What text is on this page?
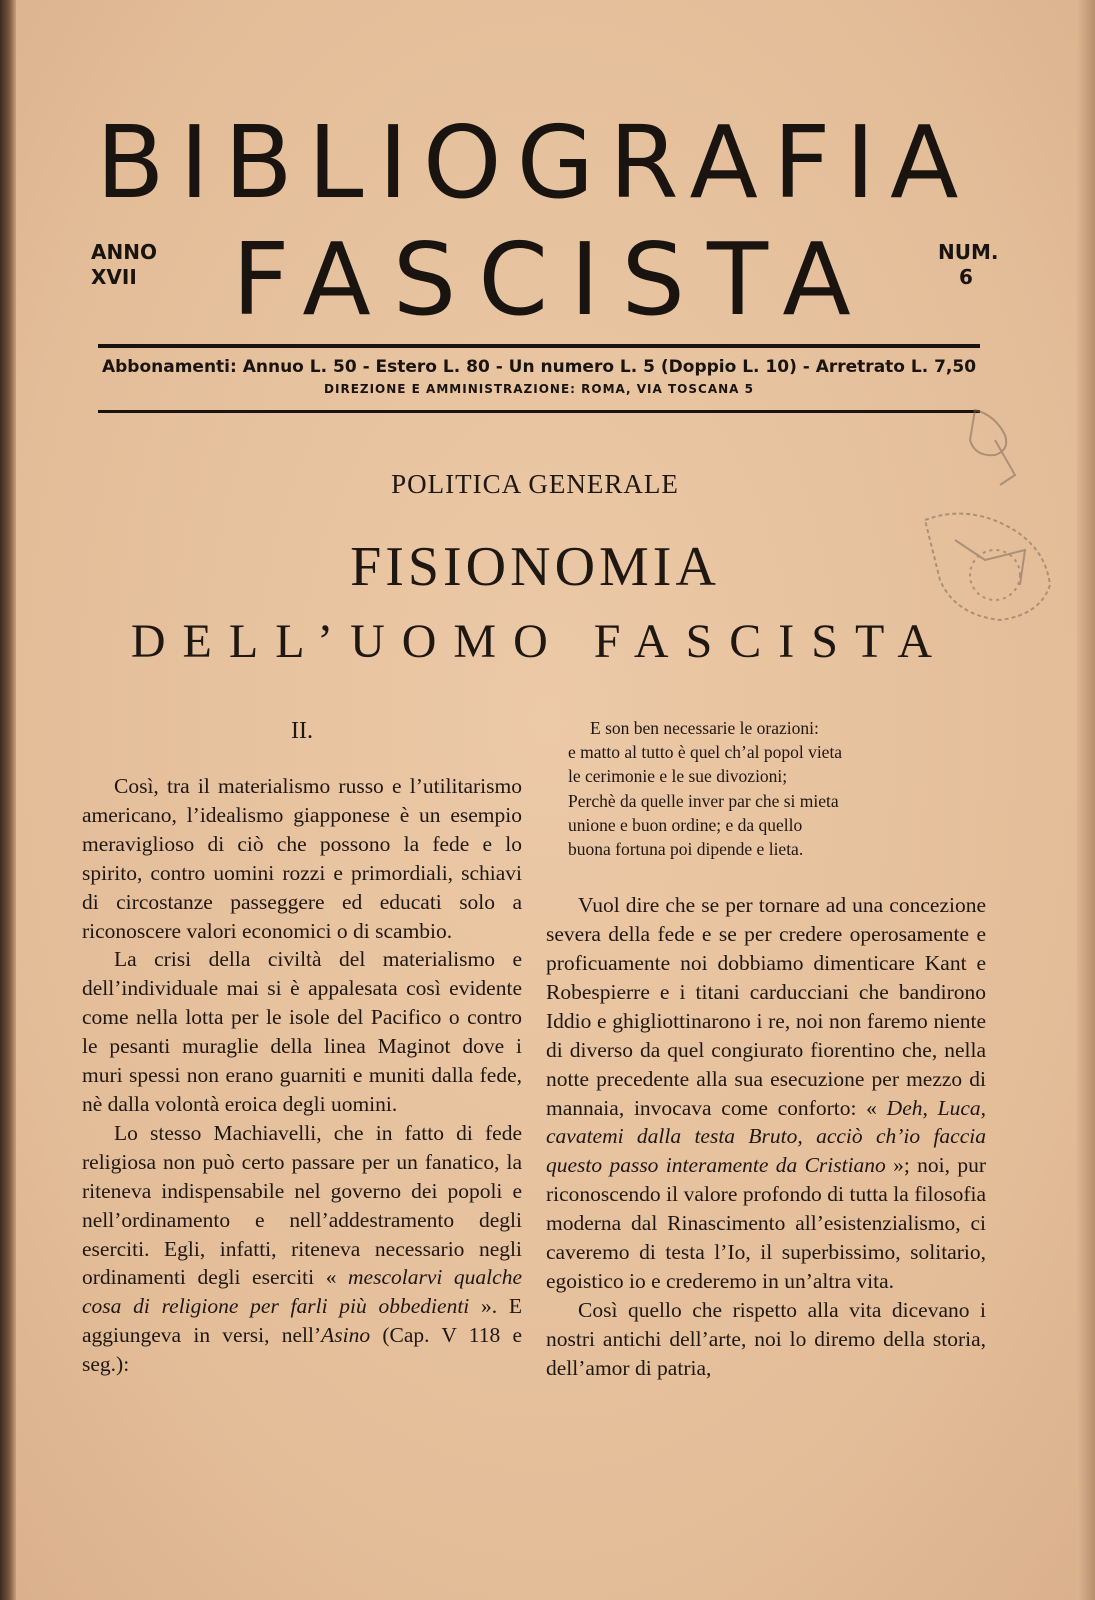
BIBLIOGRAFIA
FASCISTA
ANNO
XVII
NUM.
6
Abbonamenti: Annuo L. 50 - Estero L. 80 - Un numero L. 5 (Doppio L. 10) - Arretrato L. 7,50
DIREZIONE E AMMINISTRAZIONE: ROMA, VIA TOSCANA 5
POLITICA GENERALE
FISIONOMIA
DELL’UOMO FASCISTA
II.

Così, tra il materialismo russo e l’utilitarismo americano, l’idealismo giapponese è un esempio meraviglioso di ciò che possono la fede e lo spirito, contro uomini rozzi e primordiali, schiavi di circostanze passeggere ed educati solo a riconoscere valori economici o di scambio.

La crisi della civiltà del materialismo e dell’individuale mai si è appalesata così evidente come nella lotta per le isole del Pacifico o contro le pesanti muraglie della linea Maginot dove i muri spessi non erano guarniti e muniti dalla fede, nè dalla volontà eroica degli uomini.

Lo stesso Machiavelli, che in fatto di fede religiosa non può certo passare per un fanatico, la riteneva indispensabile nel governo dei popoli e nell’ordinamento e nell’addestramento degli eserciti. Egli, infatti, riteneva necessario negli ordinamenti degli eserciti « mescolarvi qualche cosa di religione per farli più obbedienti ». E aggiungeva in versi, nell’Asino (Cap. V 118 e seg.):

E son ben necessarie le orazioni:
e matto al tutto è quel ch’al popol vieta
le cerimonie e le sue divozioni;
Perchè da quelle inver par che si mieta
unione e buon ordine; e da quello
buona fortuna poi dipende e lieta.

Vuol dire che se per tornare ad una concezione severa della fede e se per credere operosamente e proficuamente noi dobbiamo dimenticare Kant e Robespierre e i titani carducciani che bandirono Iddio e ghigliottinarono i re, noi non faremo niente di diverso da quel congiurato fiorentino che, nella notte precedente alla sua esecuzione per mezzo di mannaia, invocava come conforto: « Deh, Luca, cavatemi dalla testa Bruto, acciò ch’io faccia questo passo interamente da Cristiano »; noi, pur riconoscendo il valore profondo di tutta la filosofia moderna dal Rinascimento all’esistenzialismo, ci caveremo di testa l’Io, il superbissimo, solitario, egoistico io e crederemo in un’altra vita.

Così quello che rispetto alla vita dicevano i nostri antichi dell’arte, noi lo diremo della storia, dell’amor di patria,
